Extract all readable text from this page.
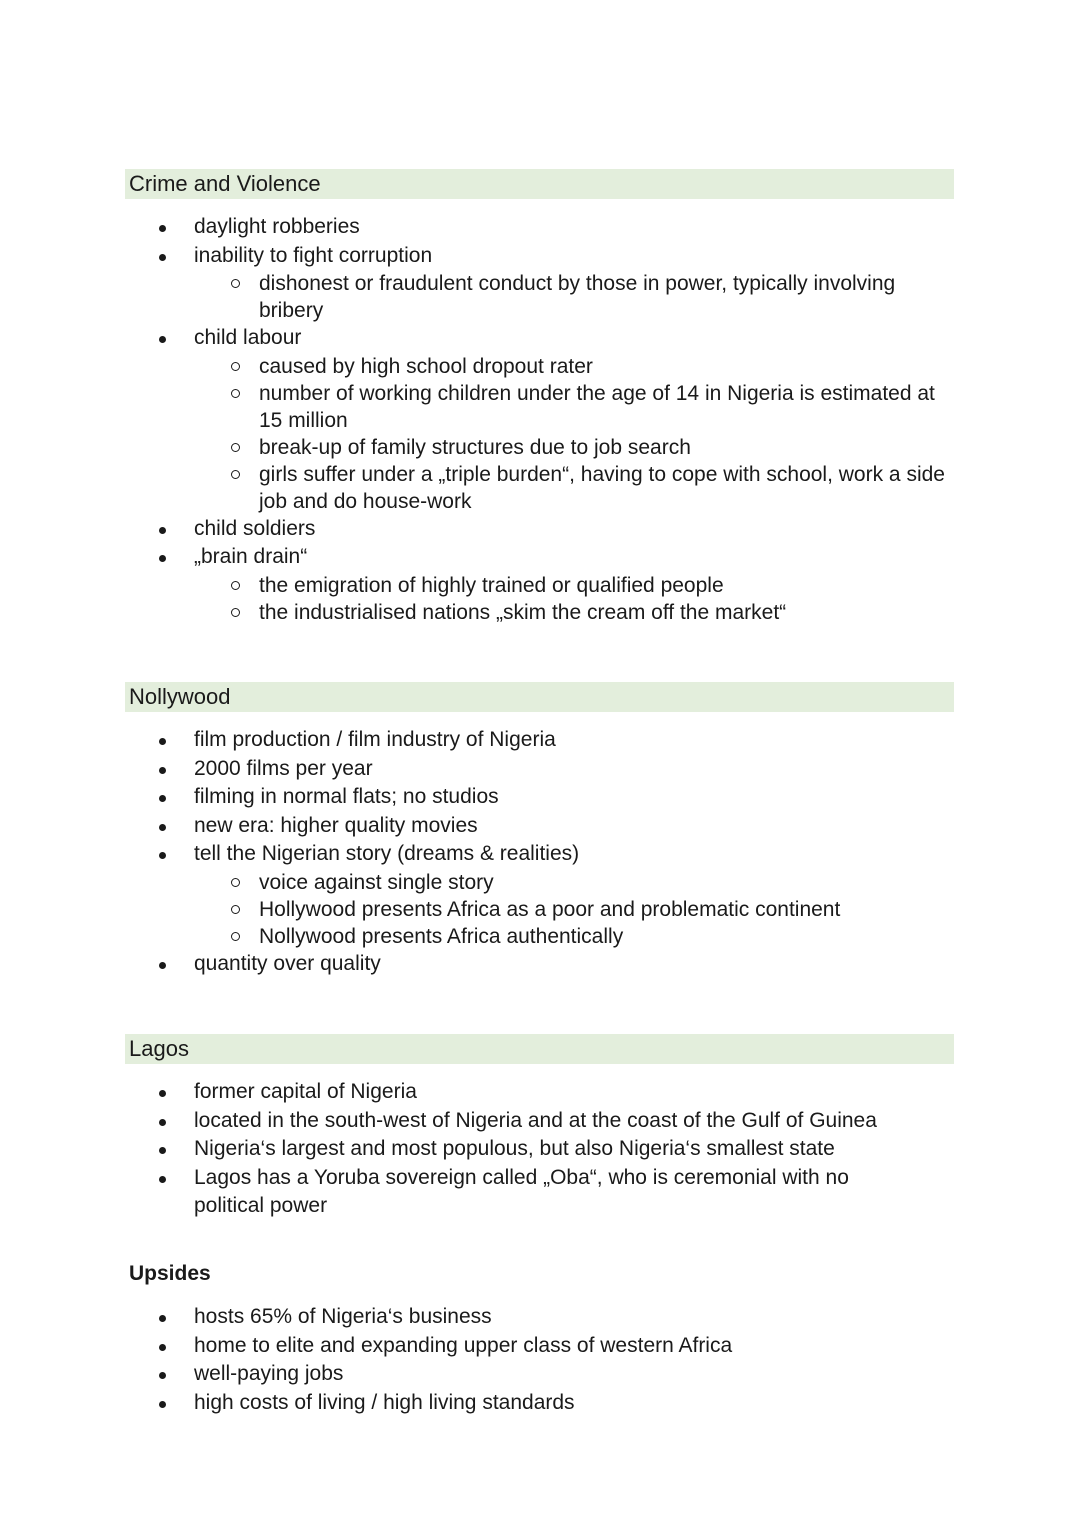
Crime and Violence
daylight robberies
inability to fight corruption
dishonest or fraudulent conduct by those in power, typically involving bribery
child labour
caused by high school dropout rater
number of working children under the age of 14 in Nigeria is estimated at 15 million
break-up of family structures due to job search
girls suffer under a „triple burden“, having to cope with school, work a side job and do house-work
child soldiers
„brain drain“
the emigration of highly trained or qualified people
the industrialised nations „skim the cream off the market“
Nollywood
film production / film industry of Nigeria
2000 films per year
filming in normal flats; no studios
new era: higher quality movies
tell the Nigerian story (dreams & realities)
voice against single story
Hollywood presents Africa as a poor and problematic continent
Nollywood presents Africa authentically
quantity over quality
Lagos
former capital of Nigeria
located in the south-west of Nigeria and at the coast of the Gulf of Guinea
Nigeria‘s largest and most populous, but also Nigeria‘s smallest state
Lagos has a Yoruba sovereign called „Oba“, who is ceremonial with no political power
Upsides
hosts 65% of Nigeria‘s business
home to elite and expanding upper class of western Africa
well-paying jobs
high costs of living / high living standards
